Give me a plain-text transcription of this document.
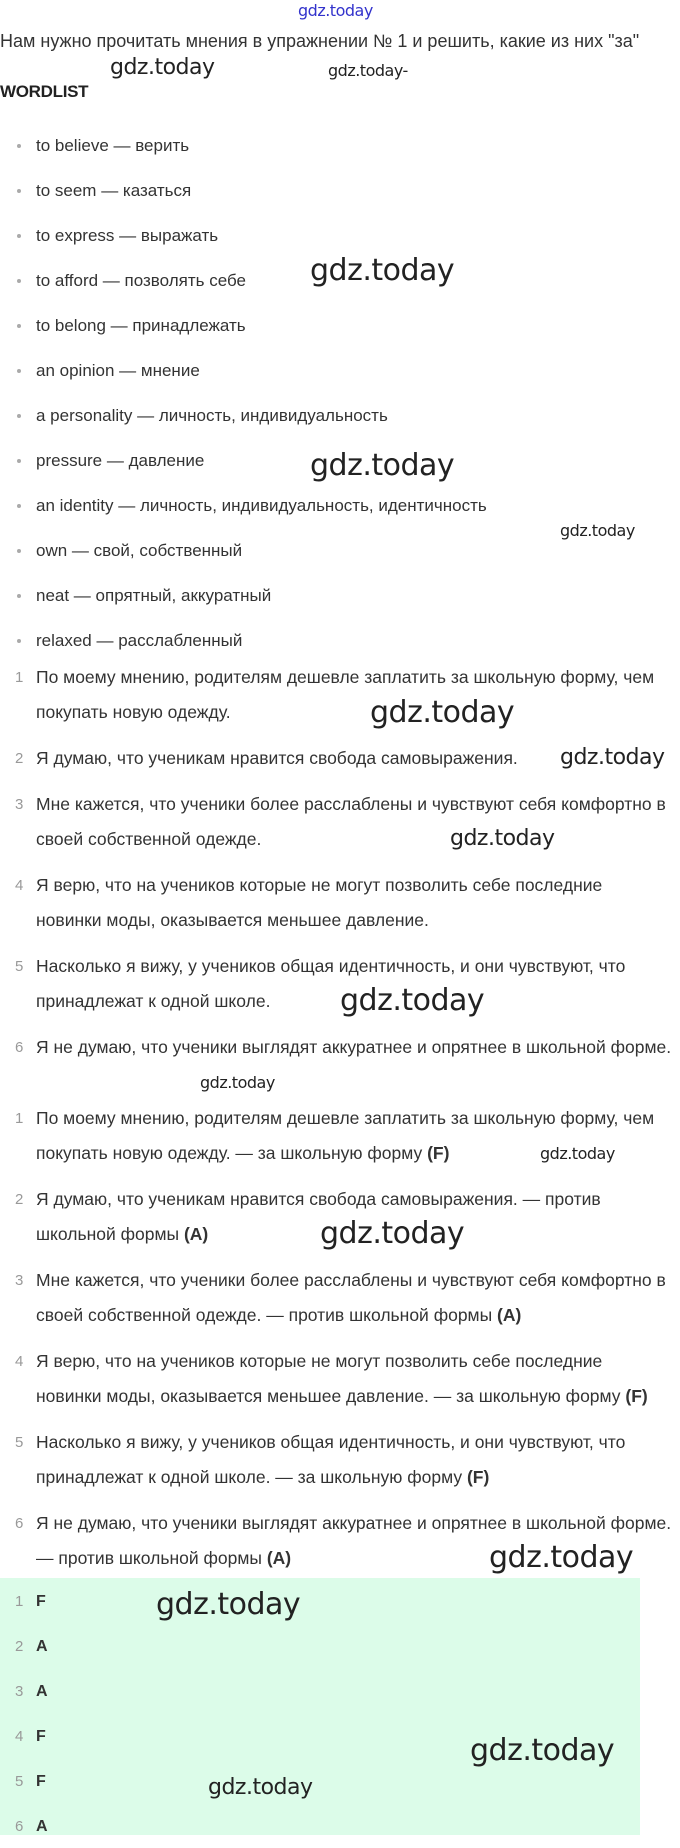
Нам нужно прочитать мнения в упражнении № 1 и решить, какие из них "за"
WORDLIST
to believe — верить
to seem — казаться
to express — выражать
to afford — позволять себе
to belong — принадлежать
an opinion — мнение
a personality — личность, индивидуальность
pressure — давление
an identity — личность, индивидуальность, идентичность
own — свой, собственный
neat — опрятный, аккуратный
relaxed — расслабленный
1 По моему мнению, родителям дешевле заплатить за школьную форму, чем покупать новую одежду.
2 Я думаю, что ученикам нравится свобода самовыражения.
3 Мне кажется, что ученики более расслаблены и чувствуют себя комфортно в своей собственной одежде.
4 Я верю, что на учеников которые не могут позволить себе последние новинки моды, оказывается меньшее давление.
5 Насколько я вижу, у учеников общая идентичность, и они чувствуют, что принадлежат к одной школе.
6 Я не думаю, что ученики выглядят аккуратнее и опрятнее в школьной форме.
1 По моему мнению, родителям дешевле заплатить за школьную форму, чем покупать новую одежду. — за школьную форму (F)
2 Я думаю, что ученикам нравится свобода самовыражения. — против школьной формы (A)
3 Мне кажется, что ученики более расслаблены и чувствуют себя комфортно в своей собственной одежде. — против школьной формы (A)
4 Я верю, что на учеников которые не могут позволить себе последние новинки моды, оказывается меньшее давление. — за школьную форму (F)
5 Насколько я вижу, у учеников общая идентичность, и они чувствуют, что принадлежат к одной школе. — за школьную форму (F)
6 Я не думаю, что ученики выглядят аккуратнее и опрятнее в школьной форме. — против школьной формы (A)
1 F
2 A
3 A
4 F
5 F
6 A
gdz.today
gdz.today	gdz.today-
gdz.today
gdz.today
gdz.today
gdz.today
gdz.today
gdz.today
gdz.today
gdz.today
gdz.today
gdz.today
gdz.today
gdz.today
gdz.today
gdz.today
